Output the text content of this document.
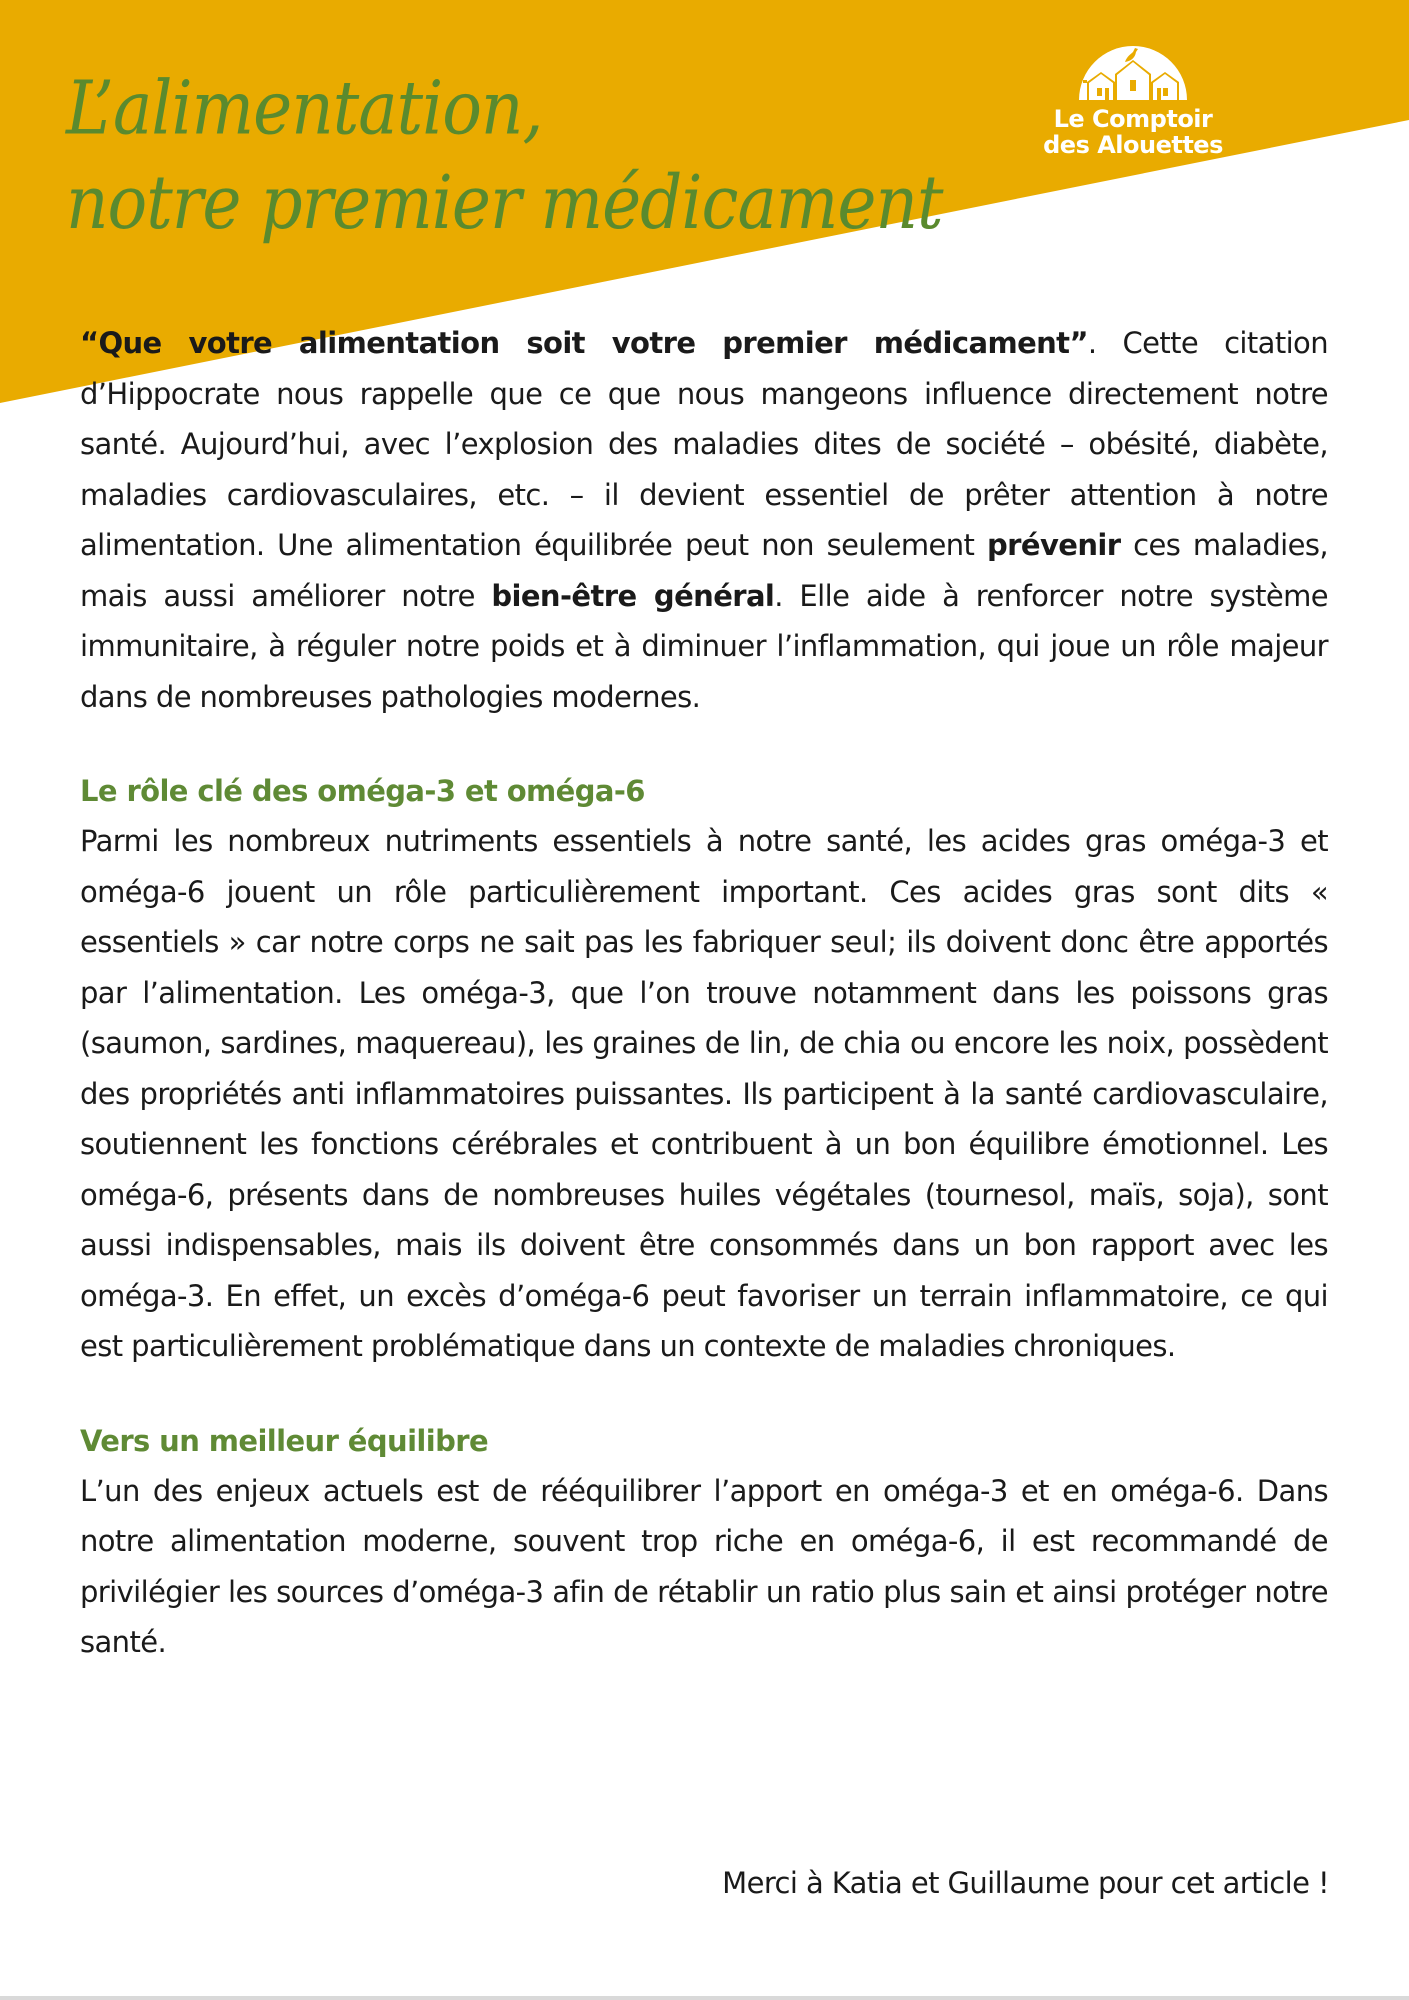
L’alimentation,
notre premier médicament
Le Comptoir
des Alouettes

“Que votre alimentation soit votre premier médicament”. Cette citation d’Hippocrate nous rappelle que ce que nous mangeons influence directement notre santé. Aujourd’hui, avec l’explosion des maladies dites de société – obésité, diabète, maladies cardiovasculaires, etc. – il devient essentiel de prêter attention à notre alimentation. Une alimentation équilibrée peut non seulement prévenir ces maladies, mais aussi améliorer notre bien-être général. Elle aide à renforcer notre système immunitaire, à réguler notre poids et à diminuer l’inflammation, qui joue un rôle majeur dans de nombreuses pathologies modernes.

Le rôle clé des oméga-3 et oméga-6

Parmi les nombreux nutriments essentiels à notre santé, les acides gras oméga-3 et oméga-6 jouent un rôle particulièrement important. Ces acides gras sont dits « essentiels » car notre corps ne sait pas les fabriquer seul; ils doivent donc être apportés par l’alimentation. Les oméga-3, que l’on trouve notamment dans les poissons gras (saumon, sardines, maquereau), les graines de lin, de chia ou encore les noix, possèdent des propriétés anti inflammatoires puissantes. Ils participent à la santé cardiovasculaire, soutiennent les fonctions cérébrales et contribuent à un bon équilibre émotionnel. Les oméga-6, présents dans de nombreuses huiles végétales (tournesol, maïs, soja), sont aussi indispensables, mais ils doivent être consommés dans un bon rapport avec les oméga-3. En effet, un excès d’oméga-6 peut favoriser un terrain inflammatoire, ce qui est particulièrement problématique dans un contexte de maladies chroniques.

Vers un meilleur équilibre

L’un des enjeux actuels est de rééquilibrer l’apport en oméga-3 et en oméga-6. Dans notre alimentation moderne, souvent trop riche en oméga-6, il est recommandé de privilégier les sources d’oméga-3 afin de rétablir un ratio plus sain et ainsi protéger notre santé.

Merci à Katia et Guillaume pour cet article !
